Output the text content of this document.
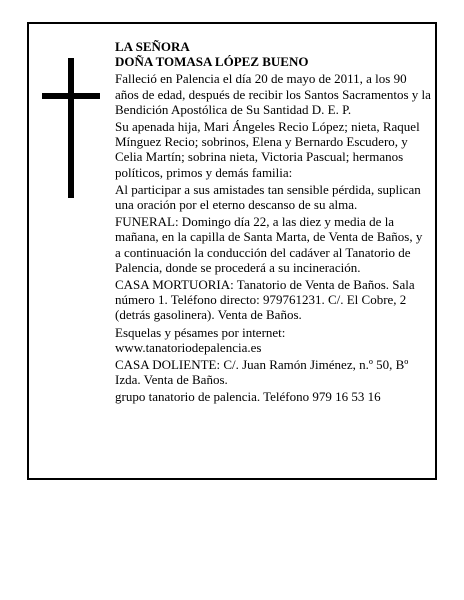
LA SEÑORA

DOÑA TOMASA LÓPEZ BUENO

Falleció en Palencia el día 20 de mayo de 2011, a los 90 años de edad, después de recibir los Santos Sacramentos y la Bendición Apostólica de Su Santidad D. E. P.

Su apenada hija, Mari Ángeles Recio López; nieta, Raquel Mínguez Recio; sobrinos, Elena y Bernardo Escudero, y Celia Martín; sobrina nieta, Victoria Pascual; hermanos políticos, primos y demás familia:

Al participar a sus amistades tan sensible pérdida, suplican una oración por el eterno descanso de su alma.

FUNERAL: Domingo día 22, a las diez y media de la mañana, en la capilla de Santa Marta, de Venta de Baños, y a continuación la conducción del cadáver al Tanatorio de Palencia, donde se procederá a su incineración.

CASA MORTUORIA: Tanatorio de Venta de Baños. Sala número 1. Teléfono directo: 979761231. C/. El Cobre, 2 (detrás gasolinera). Venta de Baños.

Esquelas y pésames por internet: www.tanatoriodepalencia.es

CASA DOLIENTE: C/. Juan Ramón Jiménez, n.º 50, Bº Izda. Venta de Baños.

grupo tanatorio de palencia. Teléfono 979 16 53 16
